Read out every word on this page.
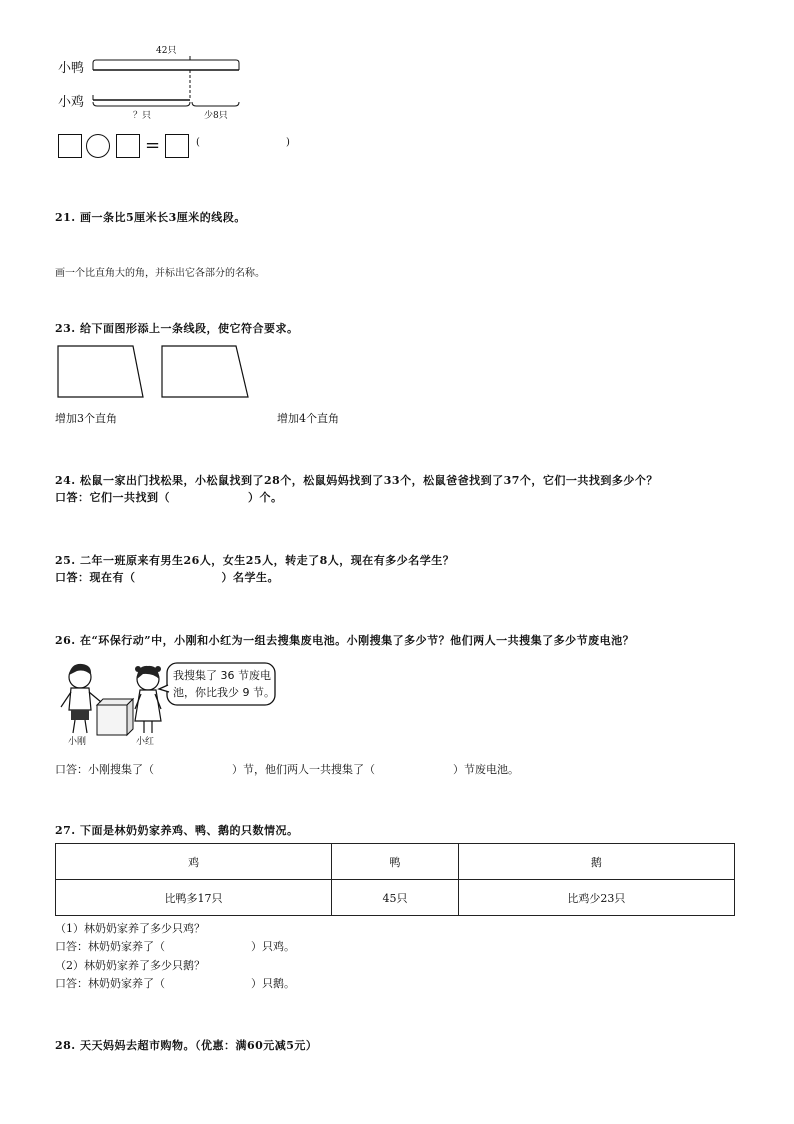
小鸭
小鸡
42只
？只	少8只
=	(	)
21. 画一条比5厘米长3厘米的线段。
画一个比直角大的角，并标出它各部分的名称。
23. 给下面图形添上一条线段，使它符合要求。
增加3个直角	增加4个直角
24. 松鼠一家出门找松果，小松鼠找到了28个，松鼠妈妈找到了33个，松鼠爸爸找到了37个，它们一共找到多少个？
口答：它们一共找到（	）个。
25. 二年一班原来有男生26人，女生25人，转走了8人，现在有多少名学生？
口答：现在有（	）名学生。
26. 在“环保行动”中，小刚和小红为一组去搜集废电池。小刚搜集了多少节？他们两人一共搜集了多少节废电池？
我搜集了 36 节废电
池，你比我少 9 节。
小刚	小红
口答：小刚搜集了（	）节，他们两人一共搜集了（	）节废电池。
27. 下面是林奶奶家养鸡、鸭、鹅的只数情况。
鸡	鸭	鹅
比鸭多17只	45只	比鸡少23只
（1）林奶奶家养了多少只鸡？
口答：林奶奶家养了（	）只鸡。
（2）林奶奶家养了多少只鹅？
口答：林奶奶家养了（	）只鹅。
28. 天天妈妈去超市购物。（优惠：满60元减5元）
